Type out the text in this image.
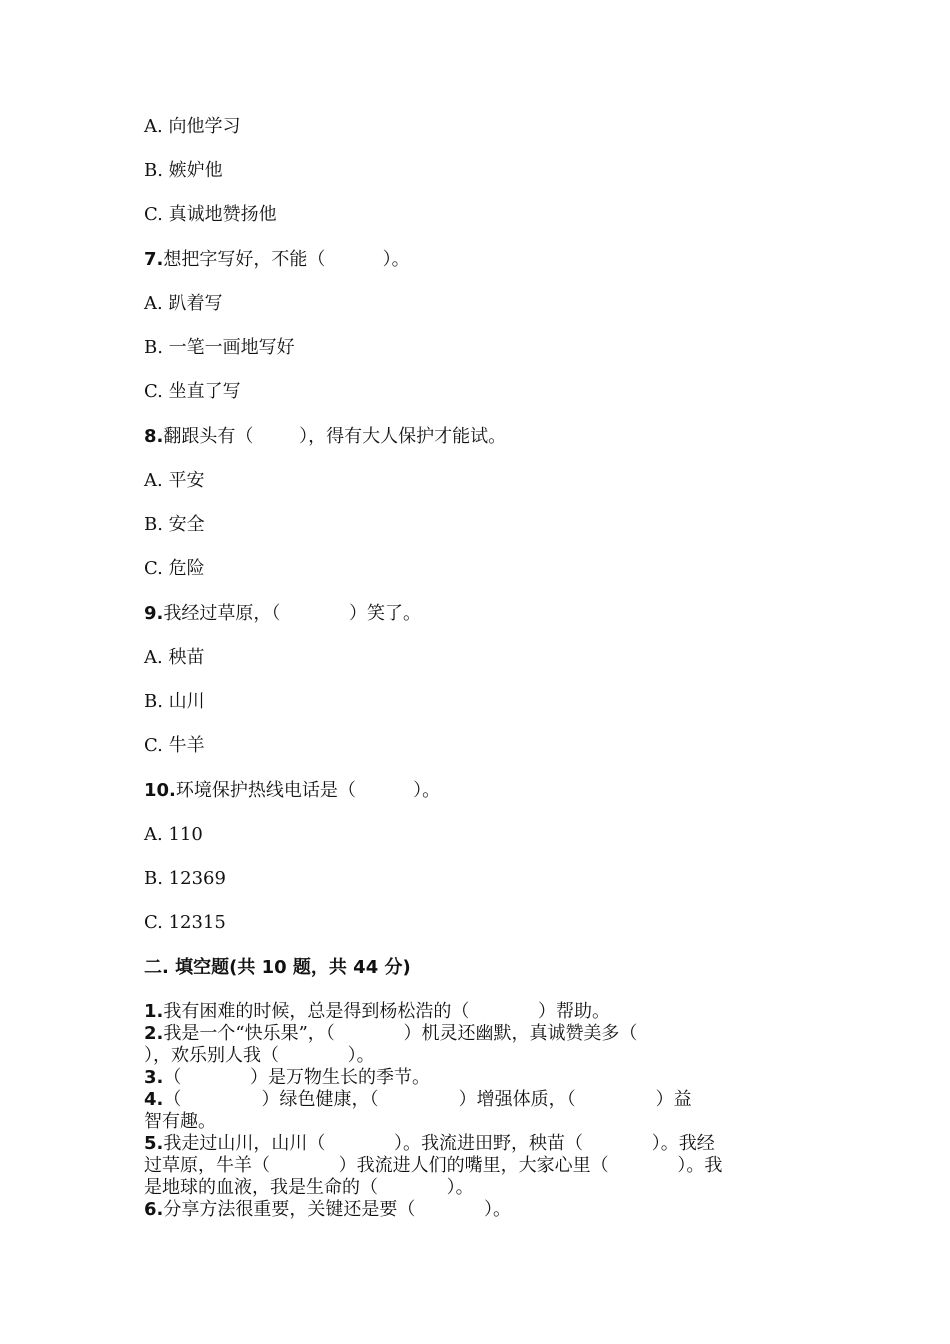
A. 向他学习
B. 嫉妒他
C. 真诚地赞扬他
7.想把字写好，不能（          ）。
A. 趴着写
B. 一笔一画地写好
C. 坐直了写
8.翻跟头有（        ），得有大人保护才能试。
A. 平安
B. 安全
C. 危险
9.我经过草原，（            ）笑了。
A. 秧苗
B. 山川
C. 牛羊
10.环境保护热线电话是（          ）。
A. 110
B. 12369
C. 12315
二. 填空题(共 10 题，共 44 分)
1.我有困难的时候，总是得到杨松浩的（            ）帮助。
2.我是一个“快乐果”，（            ）机灵还幽默，真诚赞美多（
），欢乐别人我（            ）。
3.（            ）是万物生长的季节。
4.（              ）绿色健康，（              ）增强体质，（              ）益
智有趣。
5.我走过山川，山川（            ）。我流进田野，秧苗（            ）。我经
过草原，牛羊（            ）我流进人们的嘴里，大家心里（            ）。我
是地球的血液，我是生命的（            ）。
6.分享方法很重要，关键还是要（            ）。
